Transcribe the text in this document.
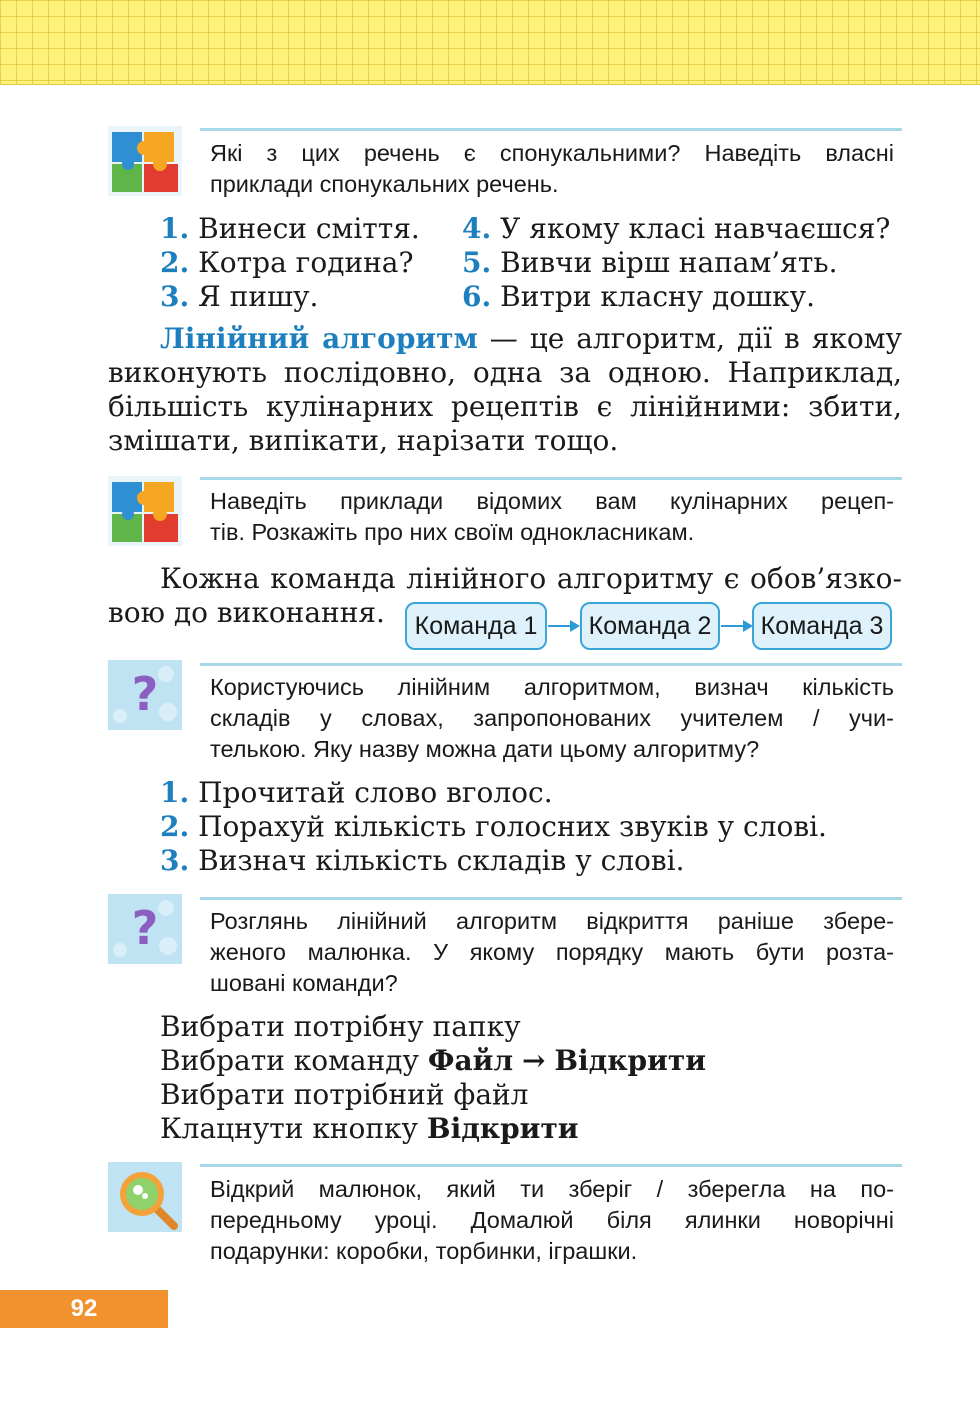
Які з цих речень є спонукальними? Наведіть власні
приклади спонукальних речень.
1. Винеси сміття.
2. Котра година?
3. Я пишу.
4. У якому класі навчаєшся?
5. Вивчи вірш напам’ять.
6. Витри класну дошку.
Лінійний алгоритм — це алгоритм, дії в якому
виконують послідовно, одна за одною. Наприклад,
більшість кулінарних рецептів є лінійними: збити,
змішати, випікати, нарізати тощо.
Наведіть приклади відомих вам кулінарних рецеп-
тів. Розкажіть про них своїм однокласникам.
Кожна команда лінійного алгоритму є обов’язко-
вою до виконання.	Команда 1	Команда 2	Команда 3
? Користуючись лінійним алгоритмом, визнач кількість
складів у словах, запропонованих учителем / учи-
телькою. Яку назву можна дати цьому алгоритму?
1. Прочитай слово вголос.
2. Порахуй кількість голосних звуків у слові.
3. Визнач кількість складів у слові.
? Розглянь лінійний алгоритм відкриття раніше збере-
женого малюнка. У якому порядку мають бути розта-
шовані команди?
Вибрати потрібну папку
Вибрати команду Файл → Відкрити
Вибрати потрібний файл
Клацнути кнопку Відкрити
Відкрий малюнок, який ти зберіг / зберегла на по-
передньому уроці. Домалюй біля ялинки новорічні
подарунки: коробки, торбинки, іграшки.
92
